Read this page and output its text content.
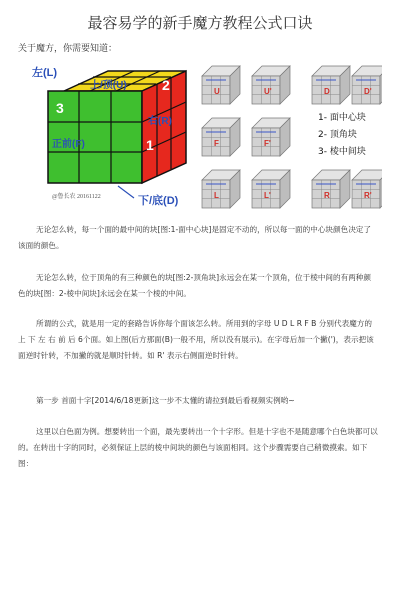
最容易学的新手魔方教程公式口诀
关于魔方，你需要知道：
左(L)
上/顶(U)
右(R)
正前(F)
下/底(D)
3
2
1
@鲁长农 20161122
U	U'	D	D'
F	F'
L	L'	R	R'
1- 面中心块
2- 顶角块
3- 棱中间块
无论怎么转，每一个面的最中间的块[图:1-面中心块]是固定不动的，所以每一面的中心块颜色决定了该面的颜色。
无论怎么转，位于顶角的有三种颜色的块[图:2-顶角块]永远会在某一个顶角，位于棱中间的有两种颜色的块[图：2-棱中间块]永远会在某一个棱的中间。
所谓的公式，就是用一定的套路告诉你每个面该怎么转。所用到的字母 U D L R F B 分别代表魔方的 上 下 左 右 前 后 6个面。如上图(后方那面(B)一般不用，所以没有展示)。在字母后加一个撇(')，表示把该面逆时针转，不加撇的就是顺时针转。如 R' 表示右侧面逆时针转。
第一步 首面十字[2014/6/18更新]这一步不太懂的请拉到最后看视频实例哟~
这里以白色面为例。想要转出一个面，最先要转出一个十字形。但是十字也不是随意哪个白色块都可以的。在转出十字的同时，必须保证上层的棱中间块的颜色与该面相同。这个步骤需要自己稍微摸索。如下图：
